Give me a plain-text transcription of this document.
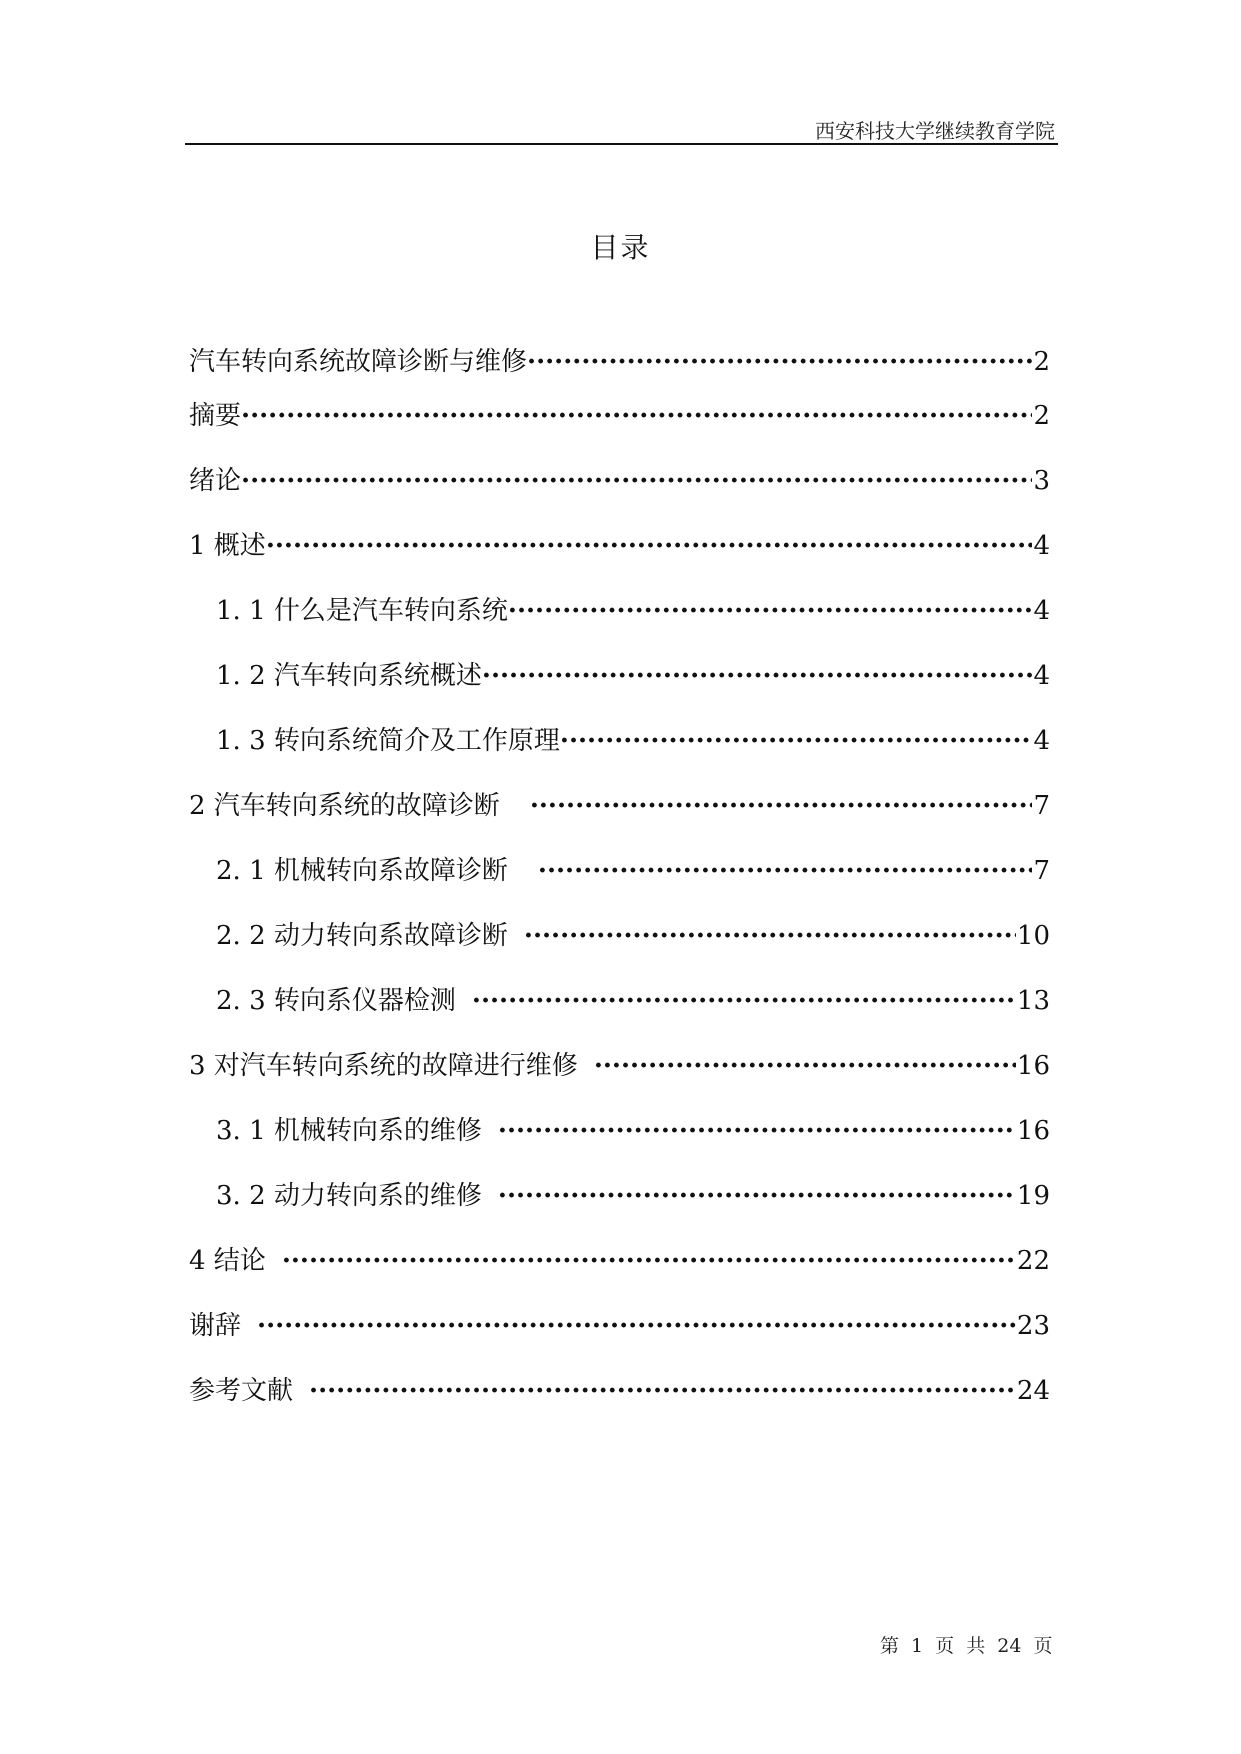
西安科技大学继续教育学院
目录
汽车转向系统故障诊断与维修 ·····	2
摘要 ·····	2
绪论 ·····	3
1 概述 ·····	4
1. 1 什么是汽车转向系统 ·····	4
1. 2 汽车转向系统概述 ·····	4
1. 3 转向系统简介及工作原理 ·····	4
2 汽车转向系统的故障诊断 ·····	7
2. 1 机械转向系故障诊断 ·····	7
2. 2 动力转向系故障诊断 ·····	10
2. 3 转向系仪器检测 ·····	13
3 对汽车转向系统的故障进行维修 ·····	16
3. 1 机械转向系的维修 ·····	16
3. 2 动力转向系的维修 ·····	19
4 结论 ·····	22
谢辞 ·····	23
参考文献 ·····	24
第 1 页 共 24 页
